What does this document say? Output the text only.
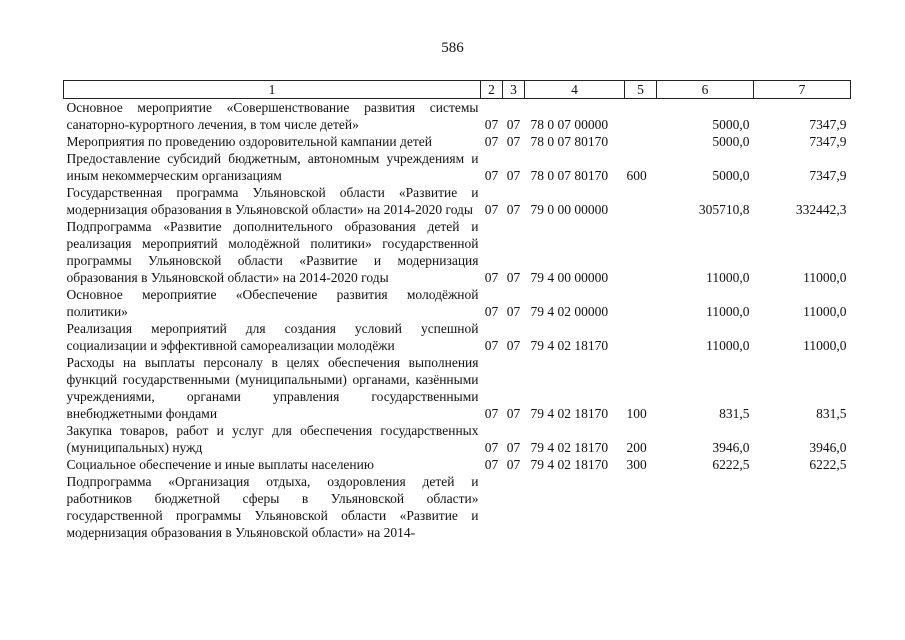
586
1	2	3	4	5	6	7
Основное мероприятие «Совершенствование развития системы санаторно-курортного лечения, в том числе детей»	07	07	78 0 07 00000		5000,0	7347,9
Мероприятия по проведению оздоровительной кампании детей	07	07	78 0 07 80170		5000,0	7347,9
Предоставление субсидий бюджетным, автономным учреждениям и иным некоммерческим организациям	07	07	78 0 07 80170	600	5000,0	7347,9
Государственная программа Ульяновской области «Развитие и модернизация образования в Ульяновской области» на 2014-2020 годы	07	07	79 0 00 00000		305710,8	332442,3
Подпрограмма «Развитие дополнительного образования детей и реализация мероприятий молодёжной политики» государственной программы Ульяновской области «Развитие и модернизация образования в Ульяновской области» на 2014-2020 годы	07	07	79 4 00 00000		11000,0	11000,0
Основное мероприятие «Обеспечение развития молодёжной политики»	07	07	79 4 02 00000		11000,0	11000,0
Реализация мероприятий для создания условий успешной социализации и эффективной самореализации молодёжи	07	07	79 4 02 18170		11000,0	11000,0
Расходы на выплаты персоналу в целях обеспечения выполнения функций государственными (муниципальными) органами, казёнными учреждениями, органами управления государственными внебюджетными фондами	07	07	79 4 02 18170	100	831,5	831,5
Закупка товаров, работ и услуг для обеспечения государственных (муниципальных) нужд	07	07	79 4 02 18170	200	3946,0	3946,0
Социальное обеспечение и иные выплаты населению	07	07	79 4 02 18170	300	6222,5	6222,5
Подпрограмма «Организация отдыха, оздоровления детей и работников бюджетной сферы в Ульяновской области» государственной программы Ульяновской области «Развитие и модернизация образования в Ульяновской области» на 2014-						
